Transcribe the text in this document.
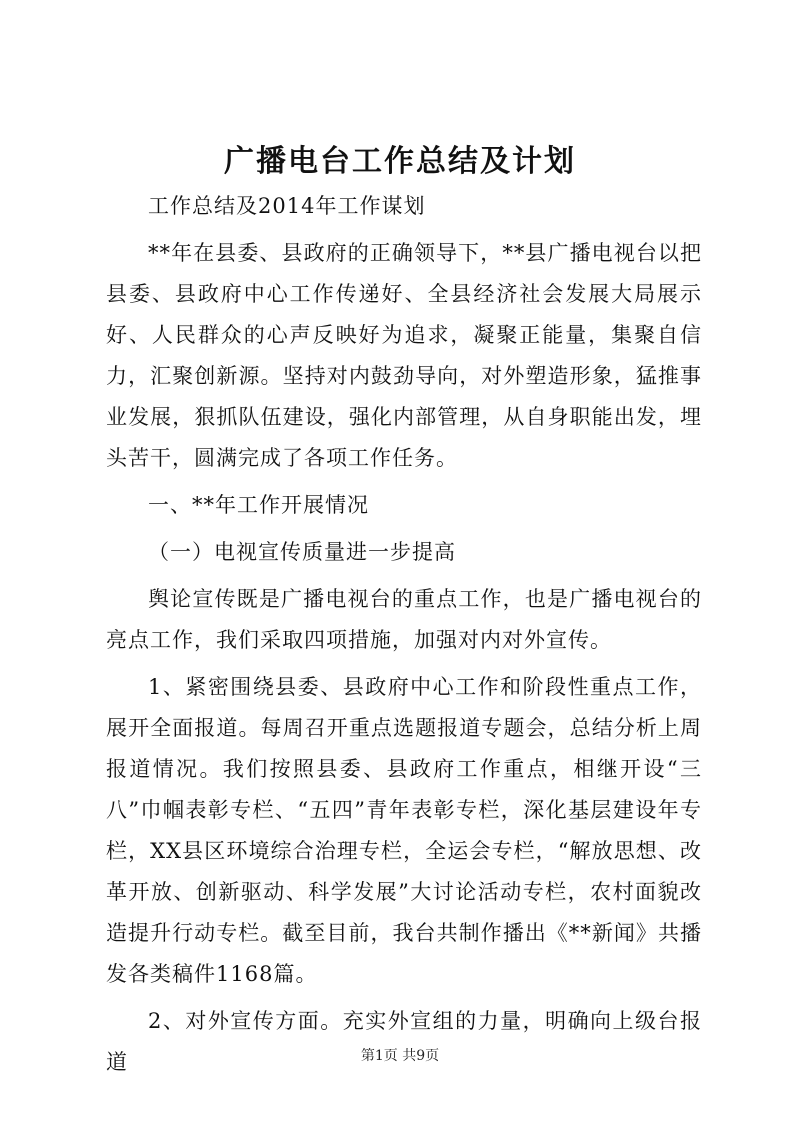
广播电台工作总结及计划

工作总结及2014年工作谋划

**年在县委、县政府的正确领导下，**县广播电视台以把县委、县政府中心工作传递好、全县经济社会发展大局展示好、人民群众的心声反映好为追求，凝聚正能量，集聚自信力，汇聚创新源。坚持对内鼓劲导向，对外塑造形象，猛推事业发展，狠抓队伍建设，强化内部管理，从自身职能出发，埋头苦干，圆满完成了各项工作任务。

一、**年工作开展情况

（一）电视宣传质量进一步提高

舆论宣传既是广播电视台的重点工作，也是广播电视台的亮点工作，我们采取四项措施，加强对内对外宣传。

1、紧密围绕县委、县政府中心工作和阶段性重点工作，展开全面报道。每周召开重点选题报道专题会，总结分析上周报道情况。我们按照县委、县政府工作重点，相继开设“三八”巾帼表彰专栏、“五四”青年表彰专栏，深化基层建设年专栏，XX县区环境综合治理专栏，全运会专栏，“解放思想、改革开放、创新驱动、科学发展”大讨论活动专栏，农村面貌改造提升行动专栏。截至目前，我台共制作播出《**新闻》共播发各类稿件1168篇。

2、对外宣传方面。充实外宣组的力量，明确向上级台报道	第1页 共9页
